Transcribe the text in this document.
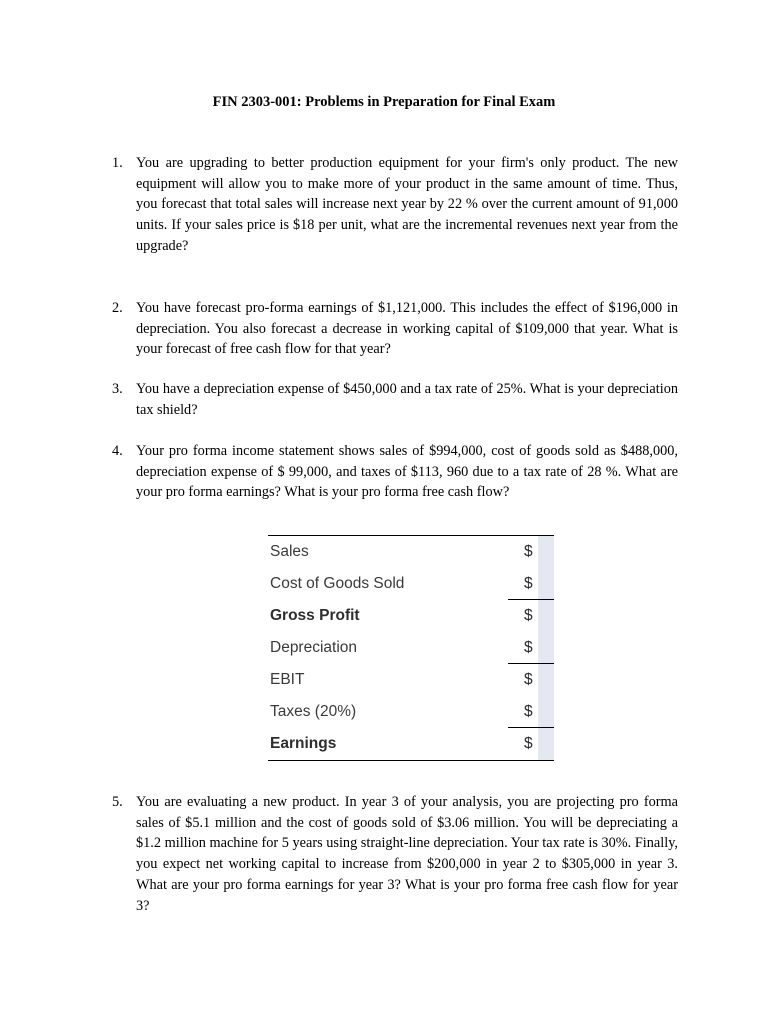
FIN 2303-001: Problems in Preparation for Final Exam
1. You are upgrading to better production equipment for your firm's only product. The new equipment will allow you to make more of your product in the same amount of time. Thus, you forecast that total sales will increase next year by 22 % over the current amount of 91,000 units. If your sales price is $18 per unit, what are the incremental revenues next year from the upgrade?
2. You have forecast pro-forma earnings of $1,121,000. This includes the effect of $196,000 in depreciation. You also forecast a decrease in working capital of $109,000 that year. What is your forecast of free cash flow for that year?
3. You have a depreciation expense of $450,000 and a tax rate of 25%. What is your depreciation tax shield?
4. Your pro forma income statement shows sales of $994,000, cost of goods sold as $488,000, depreciation expense of $ 99,000, and taxes of $113, 960 due to a tax rate of 28 %. What are your pro forma earnings? What is your pro forma free cash flow?
Sales	$
Cost of Goods Sold	$
Gross Profit	$
Depreciation	$
EBIT	$
Taxes (20%)	$
Earnings	$
5. You are evaluating a new product. In year 3 of your analysis, you are projecting pro forma sales of $5.1 million and the cost of goods sold of $3.06 million. You will be depreciating a $1.2 million machine for 5 years using straight-line depreciation. Your tax rate is 30%. Finally, you expect net working capital to increase from $200,000 in year 2 to $305,000 in year 3. What are your pro forma earnings for year 3? What is your pro forma free cash flow for year 3?
